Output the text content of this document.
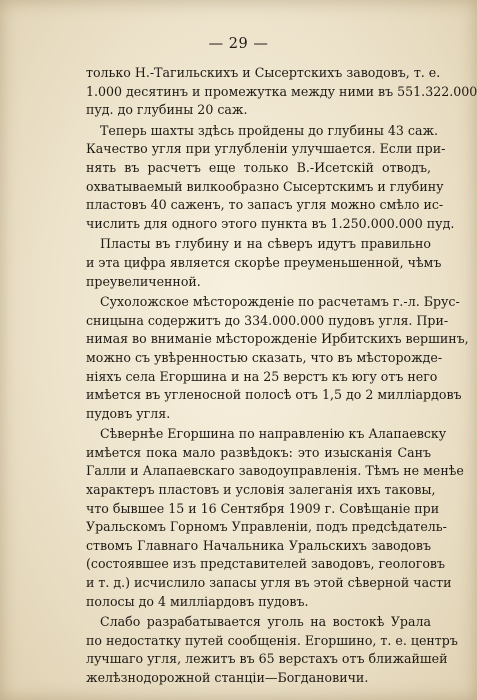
— 29 —
только Н.-Тагильскихъ и Сысертскихъ заводовъ, т. е.
1.000 десятинъ и промежутка между ними въ 551.322.000
пуд. до глубины 20 саж.
Теперь шахты здѣсь пройдены до глубины 43 саж.
Качество угля при углубленіи улучшается. Если при-
нять въ расчетъ еще только В.-Исетскій отводъ,
охватываемый вилкообразно Сысертскимъ и глубину
пластовъ 40 саженъ, то запасъ угля можно смѣло ис-
числить для одного этого пункта въ 1.250.000.000 пуд.
Пласты въ глубину и на сѣверъ идутъ правильно
и эта цифра является скорѣе преуменьшенной, чѣмъ
преувеличенной.
Сухоложское мѣсторожденіе по расчетамъ г.-л. Брус-
сницына содержитъ до 334.000.000 пудовъ угля. При-
нимая во вниманіе мѣсторожденіе Ирбитскихъ вершинъ,
можно съ увѣренностью сказать, что въ мѣсторожде-
ніяхъ села Егоршина и на 25 верстъ къ югу отъ него
имѣется въ угленосной полосѣ отъ 1,5 до 2 миллiардовъ
пудовъ угля.
Сѣвернѣе Егоршина по направленію къ Алапаевску
имѣется пока мало развѣдокъ: это изысканія Санъ
Галли и Алапаевскаго заводоуправленія. Тѣмъ не менѣе
характеръ пластовъ и условія залеганія ихъ таковы,
что бывшее 15 и 16 Сентября 1909 г. Совѣщаніе при
Уральскомъ Горномъ Управленіи, подъ предсѣдатель-
ствомъ Главнаго Начальника Уральскихъ заводовъ
(состоявшее изъ представителей заводовъ, геологовъ
и т. д.) исчислило запасы угля въ этой сѣверной части
полосы до 4 миллiардовъ пудовъ.
Слабо разрабатывается уголь на востокѣ Урала
по недостатку путей сообщенія. Егоршино, т. е. центръ
лучшаго угля, лежитъ въ 65 верстахъ отъ ближайшей
желѣзнодорожной станціи—Богдановичи.
